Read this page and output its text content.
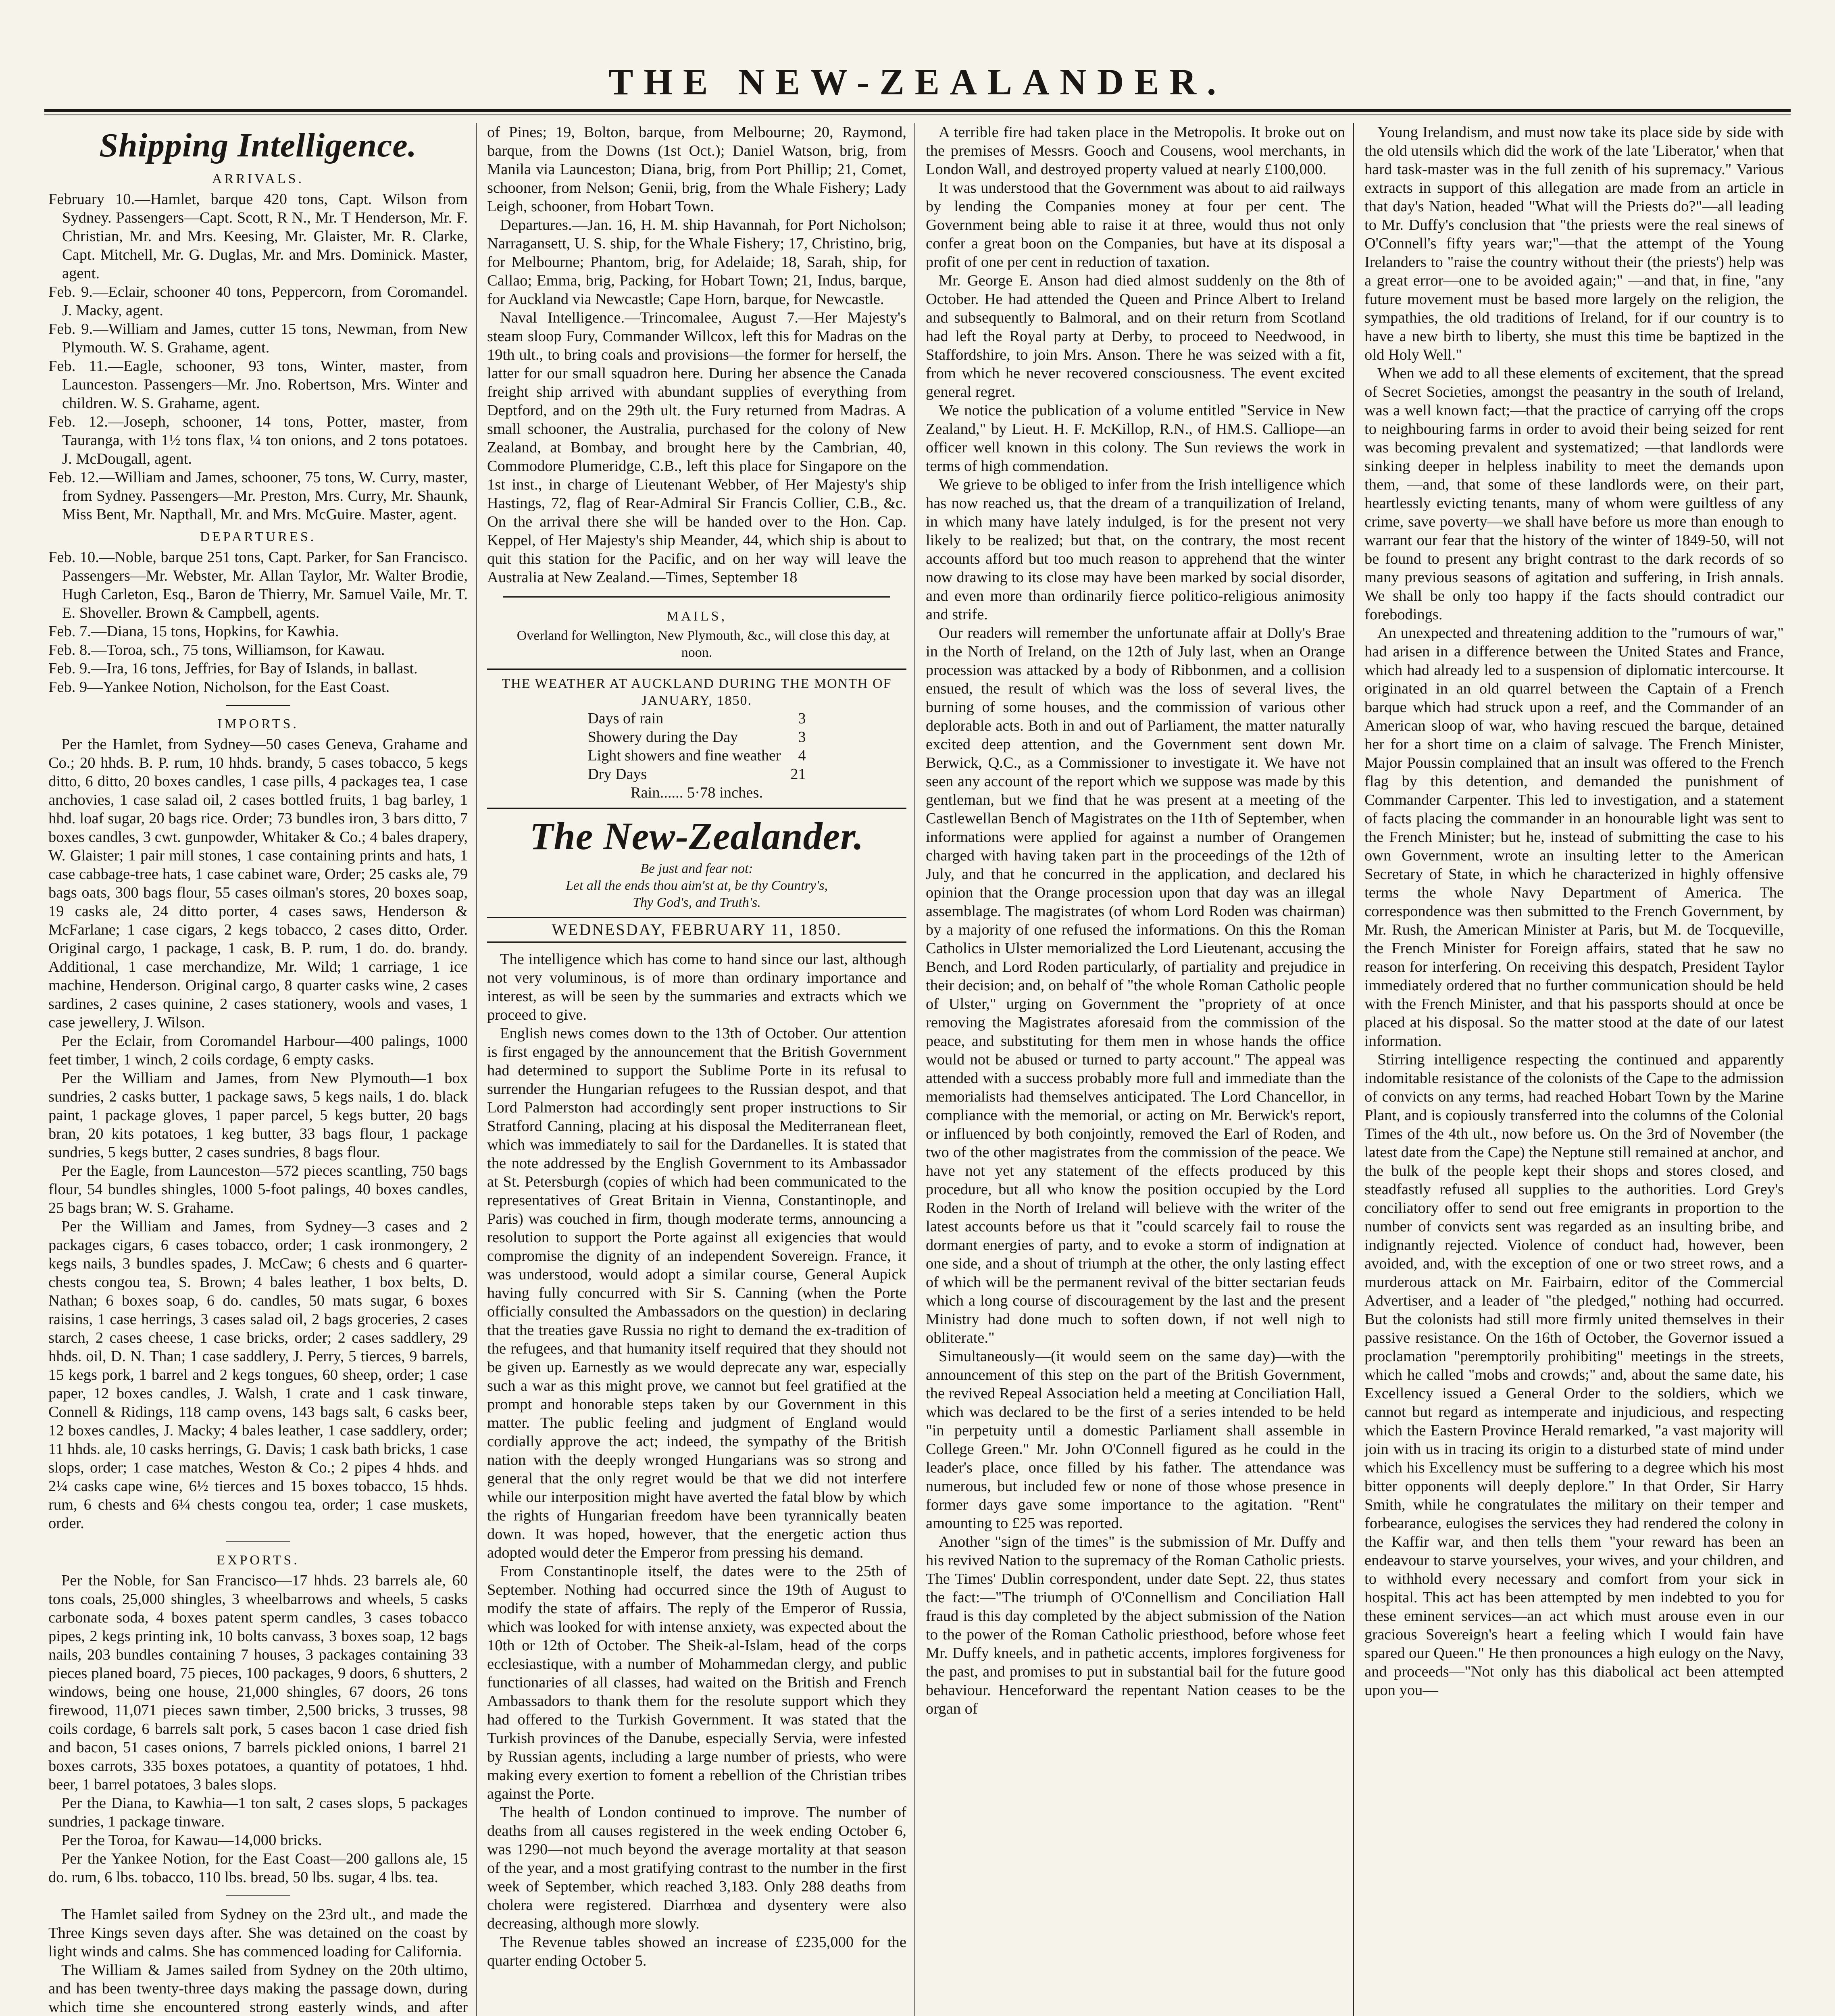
THE NEW-ZEALANDER.
Shipping Intelligence.
ARRIVALS.

February 10.—Hamlet, barque 420 tons, Capt. Wilson from Sydney. Passengers—Capt. Scott, R N., Mr. T Henderson, Mr. F. Christian, Mr. and Mrs. Keesing, Mr. Glaister, Mr. R. Clarke, Capt. Mitchell, Mr. G. Duglas, Mr. and Mrs. Dominick. Master, agent.

Feb. 9.—Eclair, schooner 40 tons, Peppercorn, from Coromandel. J. Macky, agent.

Feb. 9.—William and James, cutter 15 tons, Newman, from New Plymouth. W. S. Grahame, agent.

Feb. 11.—Eagle, schooner, 93 tons, Winter, master, from Launceston. Passengers—Mr. Jno. Robertson, Mrs. Winter and children. W. S. Grahame, agent.

Feb. 12.—Joseph, schooner, 14 tons, Potter, master, from Tauranga, with 1½ tons flax, ¼ ton onions, and 2 tons potatoes. J. McDougall, agent.

Feb. 12.—William and James, schooner, 75 tons, W. Curry, master, from Sydney. Passengers—Mr. Preston, Mrs. Curry, Mr. Shaunk, Miss Bent, Mr. Napthall, Mr. and Mrs. McGuire. Master, agent.

DEPARTURES.

Feb. 10.—Noble, barque 251 tons, Capt. Parker, for San Francisco. Passengers—Mr. Webster, Mr. Allan Taylor, Mr. Walter Brodie, Hugh Carleton, Esq., Baron de Thierry, Mr. Samuel Vaile, Mr. T. E. Shoveller. Brown & Campbell, agents.

Feb. 7.—Diana, 15 tons, Hopkins, for Kawhia.

Feb. 8.—Toroa, sch., 75 tons, Williamson, for Kawau.

Feb. 9.—Ira, 16 tons, Jeffries, for Bay of Islands, in ballast.

Feb. 9—Yankee Notion, Nicholson, for the East Coast.

IMPORTS.

Per the Hamlet, from Sydney—50 cases Geneva, Grahame and Co.; 20 hhds. B. P. rum, 10 hhds. brandy, 5 cases tobacco, 5 kegs ditto, 6 ditto, 20 boxes candles, 1 case pills, 4 packages tea, 1 case anchovies, 1 case salad oil, 2 cases bottled fruits, 1 bag barley, 1 hhd. loaf sugar, 20 bags rice. Order; 73 bundles iron, 3 bars ditto, 7 boxes candles, 3 cwt. gunpowder, Whitaker & Co.; 4 bales drapery, W. Glaister; 1 pair mill stones, 1 case containing prints and hats, 1 case cabbage-tree hats, 1 case cabinet ware, Order; 25 casks ale, 79 bags oats, 300 bags flour, 55 cases oilman's stores, 20 boxes soap, 19 casks ale, 24 ditto porter, 4 cases saws, Henderson & McFarlane; 1 case cigars, 2 kegs tobacco, 2 cases ditto, Order. Original cargo, 1 package, 1 cask, B. P. rum, 1 do. do. brandy. Additional, 1 case merchandize, Mr. Wild; 1 carriage, 1 ice machine, Henderson. Original cargo, 8 quarter casks wine, 2 cases sardines, 2 cases quinine, 2 cases stationery, wools and vases, 1 case jewellery, J. Wilson.

Per the Eclair, from Coromandel Harbour—400 palings, 1000 feet timber, 1 winch, 2 coils cordage, 6 empty casks.

Per the William and James, from New Plymouth—1 box sundries, 2 casks butter, 1 package saws, 5 kegs nails, 1 do. black paint, 1 package gloves, 1 paper parcel, 5 kegs butter, 20 bags bran, 20 kits potatoes, 1 keg butter, 33 bags flour, 1 package sundries, 5 kegs butter, 2 cases sundries, 8 bags flour.

Per the Eagle, from Launceston—572 pieces scantling, 750 bags flour, 54 bundles shingles, 1000 5-foot palings, 40 boxes candles, 25 bags bran; W. S. Grahame.

Per the William and James, from Sydney—3 cases and 2 packages cigars, 6 cases tobacco, order; 1 cask ironmongery, 2 kegs nails, 3 bundles spades, J. McCaw; 6 chests and 6 quarter-chests congou tea, S. Brown; 4 bales leather, 1 box belts, D. Nathan; 6 boxes soap, 6 do. candles, 50 mats sugar, 6 boxes raisins, 1 case herrings, 3 cases salad oil, 2 bags groceries, 2 cases starch, 2 cases cheese, 1 case bricks, order; 2 cases saddlery, 29 hhds. oil, D. N. Than; 1 case saddlery, J. Perry, 5 tierces, 9 barrels, 15 kegs pork, 1 barrel and 2 kegs tongues, 60 sheep, order; 1 case paper, 12 boxes candles, J. Walsh, 1 crate and 1 cask tinware, Connell & Ridings, 118 camp ovens, 143 bags salt, 6 casks beer, 12 boxes candles, J. Macky; 4 bales leather, 1 case saddlery, order; 11 hhds. ale, 10 casks herrings, G. Davis; 1 cask bath bricks, 1 case slops, order; 1 case matches, Weston & Co.; 2 pipes 4 hhds. and 2¼ casks cape wine, 6½ tierces and 15 boxes tobacco, 15 hhds. rum, 6 chests and 6¼ chests congou tea, order; 1 case muskets, order.

EXPORTS.

Per the Noble, for San Francisco—17 hhds. 23 barrels ale, 60 tons coals, 25,000 shingles, 3 wheelbarrows and wheels, 5 casks carbonate soda, 4 boxes patent sperm candles, 3 cases tobacco pipes, 2 kegs printing ink, 10 bolts canvass, 3 boxes soap, 12 bags nails, 203 bundles containing 7 houses, 3 packages containing 33 pieces planed board, 75 pieces, 100 packages, 9 doors, 6 shutters, 2 windows, being one house, 21,000 shingles, 67 doors, 26 tons firewood, 11,071 pieces sawn timber, 2,500 bricks, 3 trusses, 98 coils cordage, 6 barrels salt pork, 5 cases bacon 1 case dried fish and bacon, 51 cases onions, 7 barrels pickled onions, 1 barrel 21 boxes carrots, 335 boxes potatoes, a quantity of potatoes, 1 hhd. beer, 1 barrel potatoes, 3 bales slops.

Per the Diana, to Kawhia—1 ton salt, 2 cases slops, 5 packages sundries, 1 package tinware.

Per the Toroa, for Kawau—14,000 bricks.

Per the Yankee Notion, for the East Coast—200 gallons ale, 15 do. rum, 6 lbs. tobacco, 110 lbs. bread, 50 lbs. sugar, 4 lbs. tea.

The Hamlet sailed from Sydney on the 23rd ult., and made the Three Kings seven days after. She was detained on the coast by light winds and calms. She has commenced loading for California.

The William & James sailed from Sydney on the 20th ultimo, and has been twenty-three days making the passage down, during which time she encountered strong easterly winds, and after

of Pines; 19, Bolton, barque, from Melbourne; 20, Raymond, barque, from the Downs (1st Oct.); Daniel Watson, brig, from Manila via Launceston; Diana, brig, from Port Phillip; 21, Comet, schooner, from Nelson; Genii, brig, from the Whale Fishery; Lady Leigh, schooner, from Hobart Town.

Departures.—Jan. 16, H. M. ship Havannah, for Port Nicholson; Narragansett, U. S. ship, for the Whale Fishery; 17, Christino, brig, for Melbourne; Phantom, brig, for Adelaide; 18, Sarah, ship, for Callao; Emma, brig, Packing, for Hobart Town; 21, Indus, barque, for Auckland via Newcastle; Cape Horn, barque, for Newcastle.

Naval Intelligence.—Trincomalee, August 7.—Her Majesty's steam sloop Fury, Commander Willcox, left this for Madras on the 19th ult., to bring coals and provisions—the former for herself, the latter for our small squadron here. During her absence the Canada freight ship arrived with abundant supplies of everything from Deptford, and on the 29th ult. the Fury returned from Madras. A small schooner, the Australia, purchased for the colony of New Zealand, at Bombay, and brought here by the Cambrian, 40, Commodore Plumeridge, C.B., left this place for Singapore on the 1st inst., in charge of Lieutenant Webber, of Her Majesty's ship Hastings, 72, flag of Rear-Admiral Sir Francis Collier, C.B., &c. On the arrival there she will be handed over to the Hon. Cap. Keppel, of Her Majesty's ship Meander, 44, which ship is about to quit this station for the Pacific, and on her way will leave the Australia at New Zealand.—Times, September 18

MAILS,

Overland for Wellington, New Plymouth, &c., will close this day, at noon.

THE WEATHER AT AUCKLAND DURING THE MONTH OF JANUARY, 1850.
Days of rain	3
Showery during the Day	3
Light showers and fine weather	4
Dry Days	21
Rain...... 5·78 inches.
The New-Zealander.
Be just and fear not:
Let all the ends thou aim'st at, be thy Country's,
Thy God's, and Truth's.
WEDNESDAY, FEBRUARY 11, 1850.

The intelligence which has come to hand since our last, although not very voluminous, is of more than ordinary importance and interest, as will be seen by the summaries and extracts which we proceed to give.

English news comes down to the 13th of October. Our attention is first engaged by the announcement that the British Government had determined to support the Sublime Porte in its refusal to surrender the Hungarian refugees to the Russian despot, and that Lord Palmerston had accordingly sent proper instructions to Sir Stratford Canning, placing at his disposal the Mediterranean fleet, which was immediately to sail for the Dardanelles. It is stated that the note addressed by the English Government to its Ambassador at St. Petersburgh (copies of which had been communicated to the representatives of Great Britain in Vienna, Constantinople, and Paris) was couched in firm, though moderate terms, announcing a resolution to support the Porte against all exigencies that would compromise the dignity of an independent Sovereign. France, it was understood, would adopt a similar course, General Aupick having fully concurred with Sir S. Canning (when the Porte officially consulted the Ambassadors on the question) in declaring that the treaties gave Russia no right to demand the ex-tradition of the refugees, and that humanity itself required that they should not be given up. Earnestly as we would deprecate any war, especially such a war as this might prove, we cannot but feel gratified at the prompt and honorable steps taken by our Government in this matter. The public feeling and judgment of England would cordially approve the act; indeed, the sympathy of the British nation with the deeply wronged Hungarians was so strong and general that the only regret would be that we did not interfere while our interposition might have averted the fatal blow by which the rights of Hungarian freedom have been tyrannically beaten down. It was hoped, however, that the energetic action thus adopted would deter the Emperor from pressing his demand.

From Constantinople itself, the dates were to the 25th of September. Nothing had occurred since the 19th of August to modify the state of affairs. The reply of the Emperor of Russia, which was looked for with intense anxiety, was expected about the 10th or 12th of October. The Sheik-al-Islam, head of the corps ecclesiastique, with a number of Mohammedan clergy, and public functionaries of all classes, had waited on the British and French Ambassadors to thank them for the resolute support which they had offered to the Turkish Government. It was stated that the Turkish provinces of the Danube, especially Servia, were infested by Russian agents, including a large number of priests, who were making every exertion to foment a rebellion of the Christian tribes against the Porte.

The health of London continued to improve. The number of deaths from all causes registered in the week ending October 6, was 1290—not much beyond the average mortality at that season of the year, and a most gratifying contrast to the number in the first week of September, which reached 3,183. Only 288 deaths from cholera were registered. Diarrhœa and dysentery were also decreasing, although more slowly.

The Revenue tables showed an increase of £235,000 for the quarter ending October 5.

A terrible fire had taken place in the Metropolis. It broke out on the premises of Messrs. Gooch and Cousens, wool merchants, in London Wall, and destroyed property valued at nearly £100,000.

It was understood that the Government was about to aid railways by lending the Companies money at four per cent. The Government being able to raise it at three, would thus not only confer a great boon on the Companies, but have at its disposal a profit of one per cent in reduction of taxation.

Mr. George E. Anson had died almost suddenly on the 8th of October. He had attended the Queen and Prince Albert to Ireland and subsequently to Balmoral, and on their return from Scotland had left the Royal party at Derby, to proceed to Needwood, in Staffordshire, to join Mrs. Anson. There he was seized with a fit, from which he never recovered consciousness. The event excited general regret.

We notice the publication of a volume entitled "Service in New Zealand," by Lieut. H. F. McKillop, R.N., of HM.S. Calliope—an officer well known in this colony. The Sun reviews the work in terms of high commendation.

We grieve to be obliged to infer from the Irish intelligence which has now reached us, that the dream of a tranquilization of Ireland, in which many have lately indulged, is for the present not very likely to be realized; but that, on the contrary, the most recent accounts afford but too much reason to apprehend that the winter now drawing to its close may have been marked by social disorder, and even more than ordinarily fierce politico-religious animosity and strife.

Our readers will remember the unfortunate affair at Dolly's Brae in the North of Ireland, on the 12th of July last, when an Orange procession was attacked by a body of Ribbonmen, and a collision ensued, the result of which was the loss of several lives, the burning of some houses, and the commission of various other deplorable acts. Both in and out of Parliament, the matter naturally excited deep attention, and the Government sent down Mr. Berwick, Q.C., as a Commissioner to investigate it. We have not seen any account of the report which we suppose was made by this gentleman, but we find that he was present at a meeting of the Castlewellan Bench of Magistrates on the 11th of September, when informations were applied for against a number of Orangemen charged with having taken part in the proceedings of the 12th of July, and that he concurred in the application, and declared his opinion that the Orange procession upon that day was an illegal assemblage. The magistrates (of whom Lord Roden was chairman) by a majority of one refused the informations. On this the Roman Catholics in Ulster memorialized the Lord Lieutenant, accusing the Bench, and Lord Roden particularly, of partiality and prejudice in their decision; and, on behalf of "the whole Roman Catholic people of Ulster," urging on Government the "propriety of at once removing the Magistrates aforesaid from the commission of the peace, and substituting for them men in whose hands the office would not be abused or turned to party account." The appeal was attended with a success probably more full and immediate than the memorialists had themselves anticipated. The Lord Chancellor, in compliance with the memorial, or acting on Mr. Berwick's report, or influenced by both conjointly, removed the Earl of Roden, and two of the other magistrates from the commission of the peace. We have not yet any statement of the effects produced by this procedure, but all who know the position occupied by the Lord Roden in the North of Ireland will believe with the writer of the latest accounts before us that it "could scarcely fail to rouse the dormant energies of party, and to evoke a storm of indignation at one side, and a shout of triumph at the other, the only lasting effect of which will be the permanent revival of the bitter sectarian feuds which a long course of discouragement by the last and the present Ministry had done much to soften down, if not well nigh to obliterate."

Simultaneously—(it would seem on the same day)—with the announcement of this step on the part of the British Government, the revived Repeal Association held a meeting at Conciliation Hall, which was declared to be the first of a series intended to be held "in perpetuity until a domestic Parliament shall assemble in College Green." Mr. John O'Connell figured as he could in the leader's place, once filled by his father. The attendance was numerous, but included few or none of those whose presence in former days gave some importance to the agitation. "Rent" amounting to £25 was reported.

Another "sign of the times" is the submission of Mr. Duffy and his revived Nation to the supremacy of the Roman Catholic priests. The Times' Dublin correspondent, under date Sept. 22, thus states the fact:—"The triumph of O'Connellism and Conciliation Hall fraud is this day completed by the abject submission of the Nation to the power of the Roman Catholic priesthood, before whose feet Mr. Duffy kneels, and in pathetic accents, implores forgiveness for the past, and promises to put in substantial bail for the future good behaviour. Henceforward the repentant Nation ceases to be the organ of

Young Irelandism, and must now take its place side by side with the old utensils which did the work of the late 'Liberator,' when that hard task-master was in the full zenith of his supremacy." Various extracts in support of this allegation are made from an article in that day's Nation, headed "What will the Priests do?"—all leading to Mr. Duffy's conclusion that "the priests were the real sinews of O'Connell's fifty years war;"—that the attempt of the Young Irelanders to "raise the country without their (the priests') help was a great error—one to be avoided again;" —and that, in fine, "any future movement must be based more largely on the religion, the sympathies, the old traditions of Ireland, for if our country is to have a new birth to liberty, she must this time be baptized in the old Holy Well."

When we add to all these elements of excitement, that the spread of Secret Societies, amongst the peasantry in the south of Ireland, was a well known fact;—that the practice of carrying off the crops to neighbouring farms in order to avoid their being seized for rent was becoming prevalent and systematized; —that landlords were sinking deeper in helpless inability to meet the demands upon them, —and, that some of these landlords were, on their part, heartlessly evicting tenants, many of whom were guiltless of any crime, save poverty—we shall have before us more than enough to warrant our fear that the history of the winter of 1849-50, will not be found to present any bright contrast to the dark records of so many previous seasons of agitation and suffering, in Irish annals. We shall be only too happy if the facts should contradict our forebodings.

An unexpected and threatening addition to the "rumours of war," had arisen in a difference between the United States and France, which had already led to a suspension of diplomatic intercourse. It originated in an old quarrel between the Captain of a French barque which had struck upon a reef, and the Commander of an American sloop of war, who having rescued the barque, detained her for a short time on a claim of salvage. The French Minister, Major Poussin complained that an insult was offered to the French flag by this detention, and demanded the punishment of Commander Carpenter. This led to investigation, and a statement of facts placing the commander in an honourable light was sent to the French Minister; but he, instead of submitting the case to his own Government, wrote an insulting letter to the American Secretary of State, in which he characterized in highly offensive terms the whole Navy Department of America. The correspondence was then submitted to the French Government, by Mr. Rush, the American Minister at Paris, but M. de Tocqueville, the French Minister for Foreign affairs, stated that he saw no reason for interfering. On receiving this despatch, President Taylor immediately ordered that no further communication should be held with the French Minister, and that his passports should at once be placed at his disposal. So the matter stood at the date of our latest information.

Stirring intelligence respecting the continued and apparently indomitable resistance of the colonists of the Cape to the admission of convicts on any terms, had reached Hobart Town by the Marine Plant, and is copiously transferred into the columns of the Colonial Times of the 4th ult., now before us. On the 3rd of November (the latest date from the Cape) the Neptune still remained at anchor, and the bulk of the people kept their shops and stores closed, and steadfastly refused all supplies to the authorities. Lord Grey's conciliatory offer to send out free emigrants in proportion to the number of convicts sent was regarded as an insulting bribe, and indignantly rejected. Violence of conduct had, however, been avoided, and, with the exception of one or two street rows, and a murderous attack on Mr. Fairbairn, editor of the Commercial Advertiser, and a leader of "the pledged," nothing had occurred. But the colonists had still more firmly united themselves in their passive resistance. On the 16th of October, the Governor issued a proclamation "peremptorily prohibiting" meetings in the streets, which he called "mobs and crowds;" and, about the same date, his Excellency issued a General Order to the soldiers, which we cannot but regard as intemperate and injudicious, and respecting which the Eastern Province Herald remarked, "a vast majority will join with us in tracing its origin to a disturbed state of mind under which his Excellency must be suffering to a degree which his most bitter opponents will deeply deplore." In that Order, Sir Harry Smith, while he congratulates the military on their temper and forbearance, eulogises the services they had rendered the colony in the Kaffir war, and then tells them "your reward has been an endeavour to starve yourselves, your wives, and your children, and to withhold every necessary and comfort from your sick in hospital. This act has been attempted by men indebted to you for these eminent services—an act which must arouse even in our gracious Sovereign's heart a feeling which I would fain have spared our Queen." He then pronounces a high eulogy on the Navy, and proceeds—"Not only has this diabolical act been attempted upon you—
